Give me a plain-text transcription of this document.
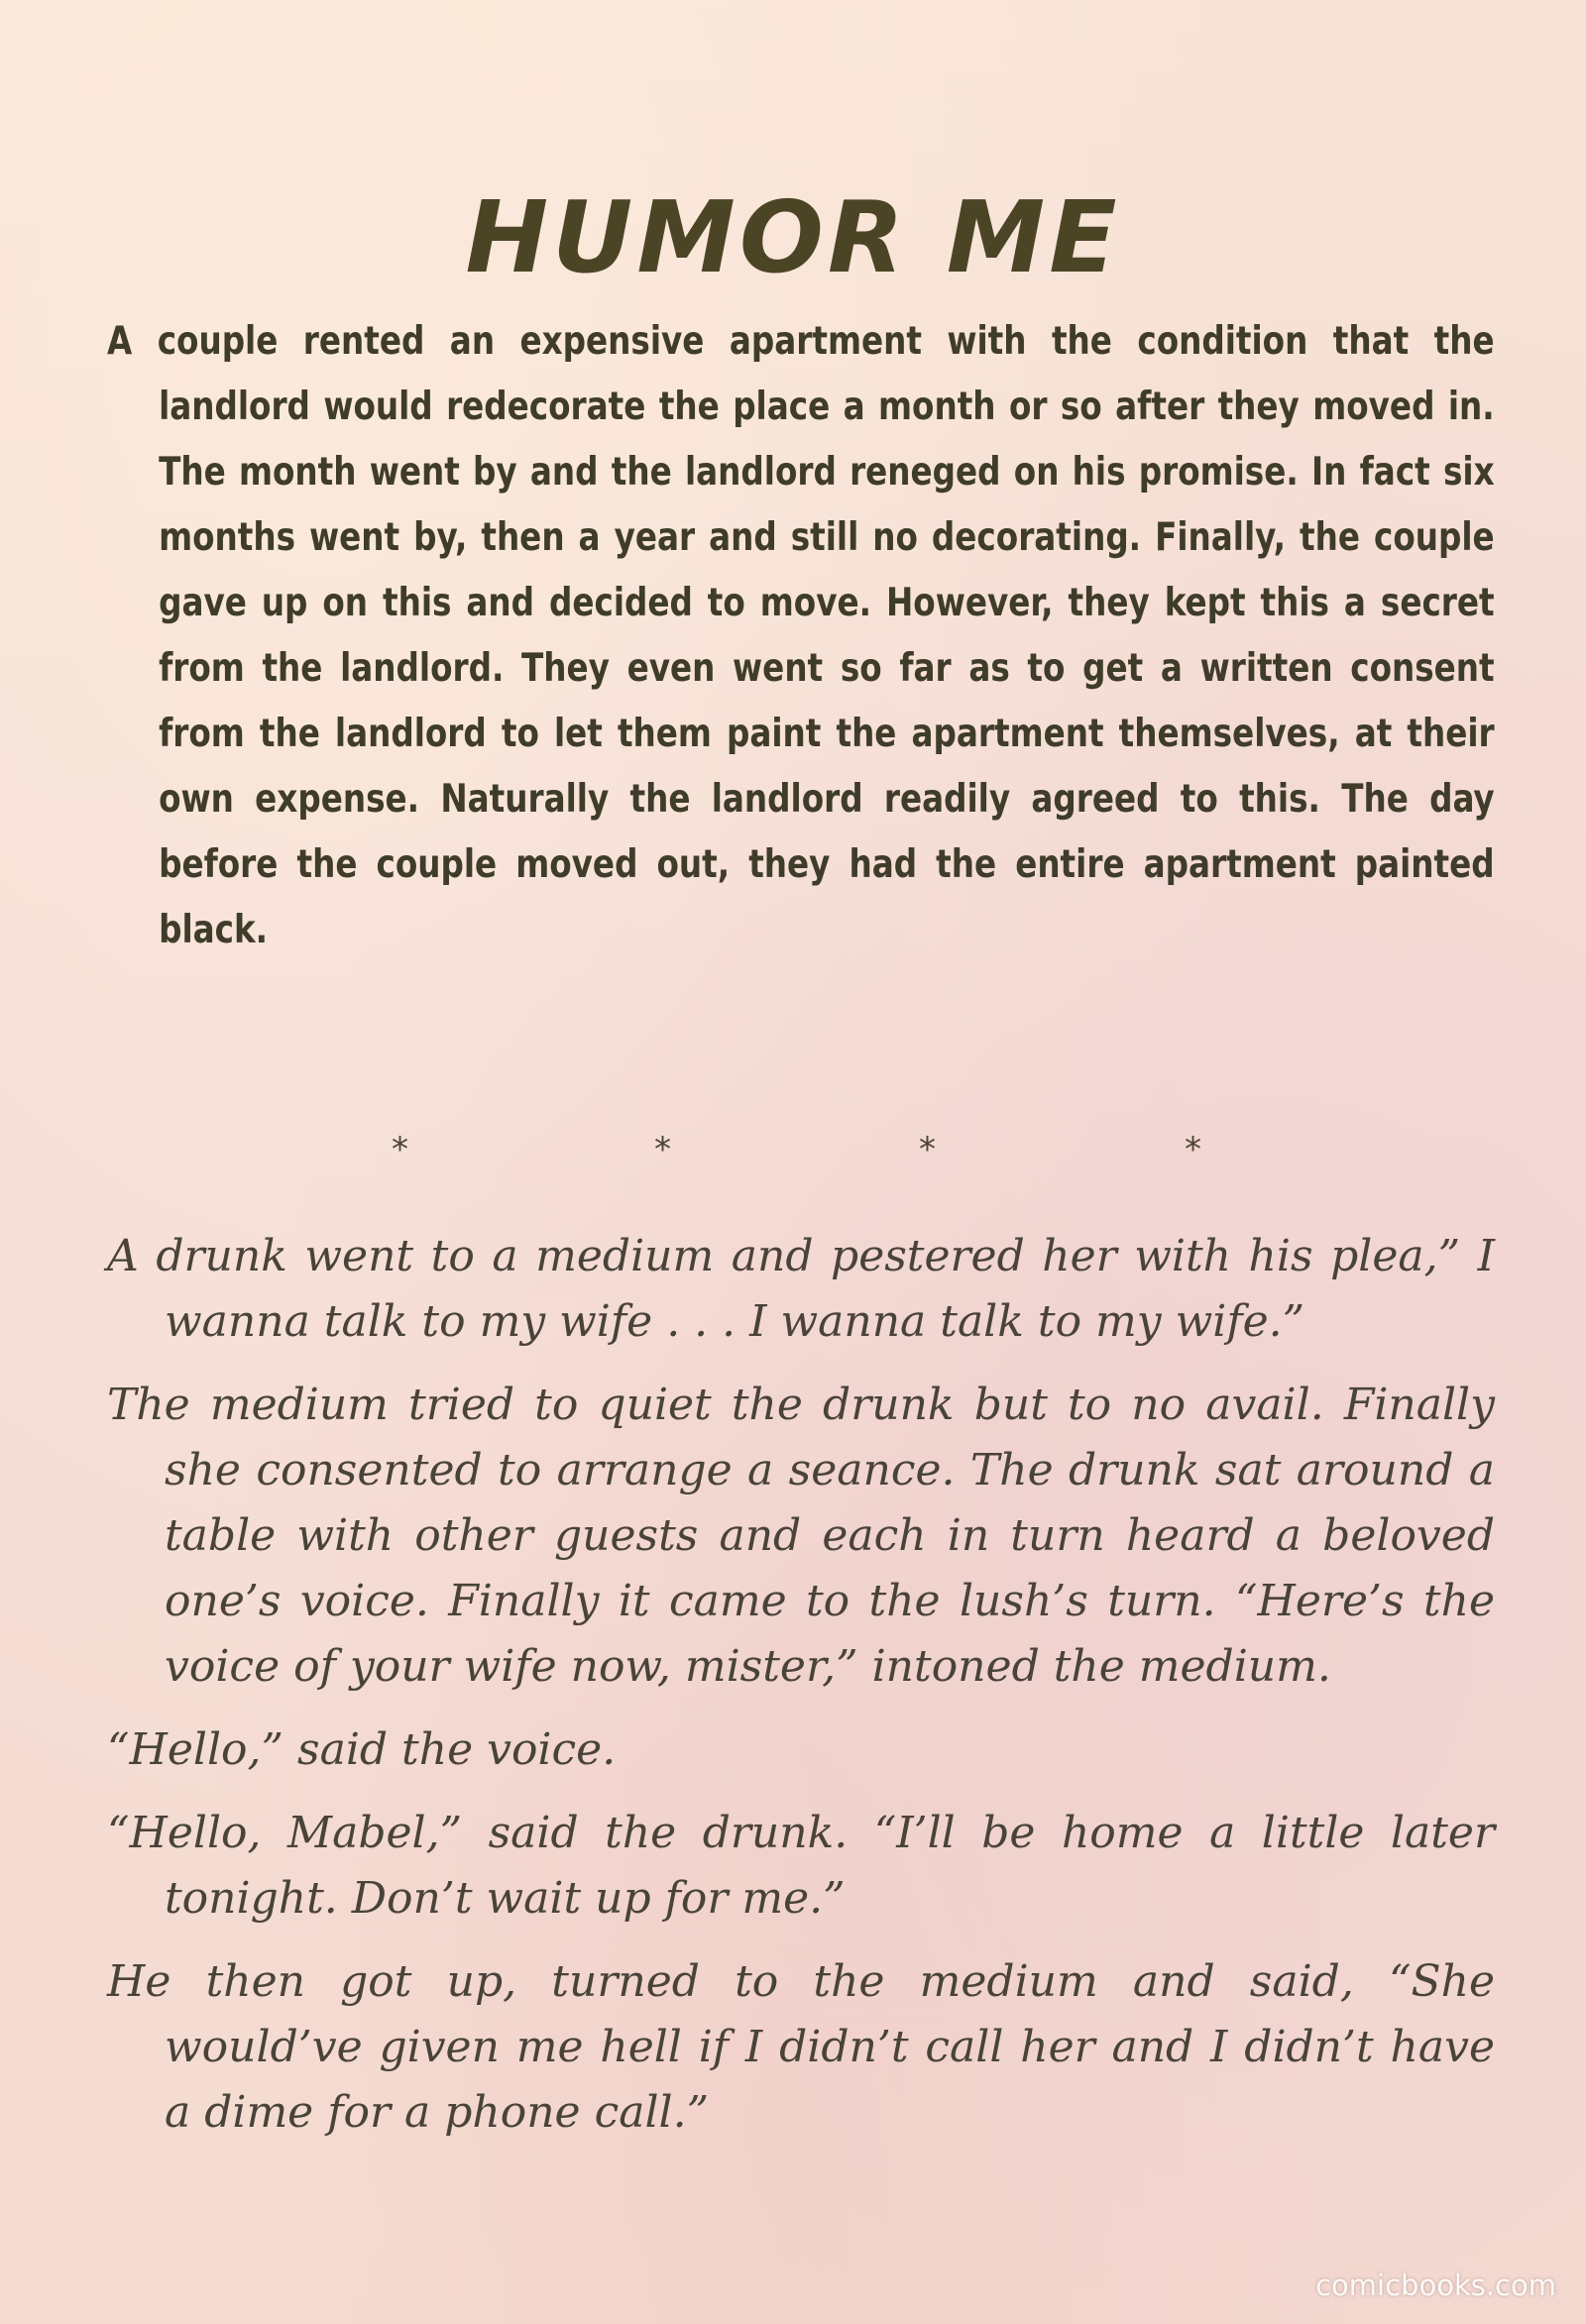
HUMOR ME
A couple rented an expensive apartment with the condition that the landlord would redecorate the place a month or so after they moved in. The month went by and the landlord reneged on his promise. In fact six months went by, then a year and still no decorating. Finally, the couple gave up on this and decided to move. However, they kept this a secret from the landlord. They even went so far as to get a written consent from the landlord to let them paint the apartment themselves, at their own expense. Naturally the landlord readily agreed to this. The day before the couple moved out, they had the entire apartment painted black.
*	*	*	*

A drunk went to a medium and pestered her with his plea,” I wanna talk to my wife . . . I wanna talk to my wife.”

The medium tried to quiet the drunk but to no avail. Finally she consented to arrange a seance. The drunk sat around a table with other guests and each in turn heard a beloved one’s voice. Finally it came to the lush’s turn. “Here’s the voice of your wife now, mister,” intoned the medium.

“Hello,” said the voice.

“Hello, Mabel,” said the drunk. “I’ll be home a little later tonight. Don’t wait up for me.”

He then got up, turned to the medium and said, “She would’ve given me hell if I didn’t call her and I didn’t have a dime for a phone call.”

comicbooks.com
